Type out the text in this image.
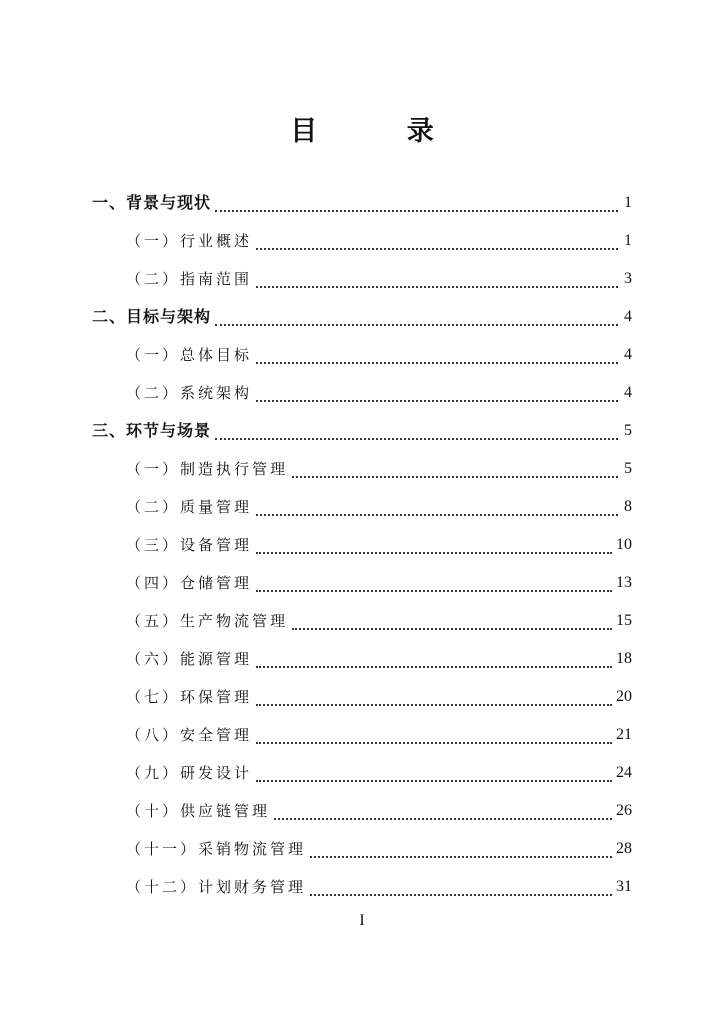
目 录
一、背景与现状	1
（一）行业概述	1
（二）指南范围	3
二、目标与架构	4
（一）总体目标	4
（二）系统架构	4
三、环节与场景	5
（一）制造执行管理	5
（二）质量管理	8
（三）设备管理	10
（四）仓储管理	13
（五）生产物流管理	15
（六）能源管理	18
（七）环保管理	20
（八）安全管理	21
（九）研发设计	24
（十）供应链管理	26
（十一）采销物流管理	28
（十二）计划财务管理	31
I
